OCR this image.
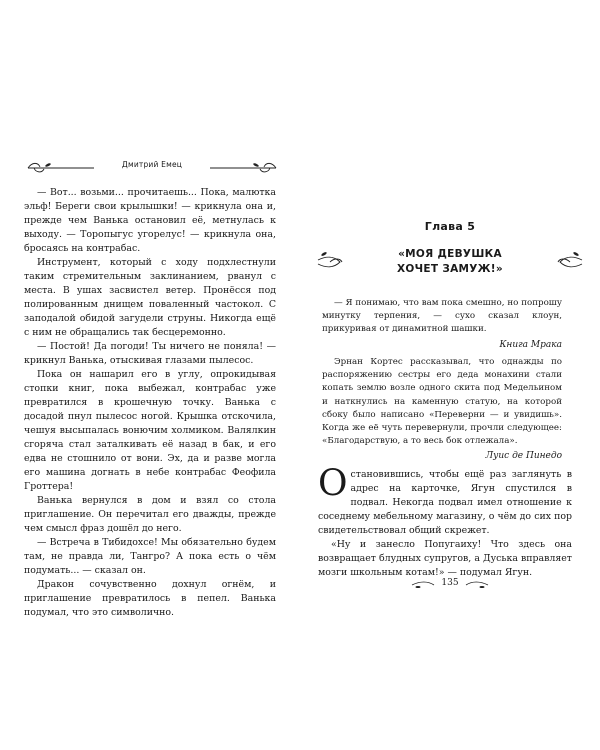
Дмитрий Емец

— Вот... возьми... прочитаешь... Пока, малютка эльф! Береги свои крылышки! — крикнула она и, прежде чем Ванька остановил её, метнулась к выходу. — Торопыгус угорелус! — крикнула она, бросаясь на контрабас.

Инструмент, который с ходу подхлестнули таким стремительным заклинанием, рванул с места. В ушах засвистел ветер. Пронёсся под полированным днищем поваленный частокол. С заподалой обидой загудели струны. Никогда ещё с ним не обращались так бесцеремонно.

— Постой! Да погоди! Ты ничего не поняла! — крикнул Ванька, отыскивая глазами пылесос.

Пока он нашарил его в углу, опрокидывая стопки книг, пока выбежал, контрабас уже превратился в крошечную точку. Ванька с досадой пнул пылесос ногой. Крышка отскочила, чешуя высыпалась вонючим холмиком. Валялкин сгоряча стал заталкивать её назад в бак, и его едва не стошнило от вони. Эх, да и разве могла его машина догнать в небе контрабас Феофила Гроттера!

Ванька вернулся в дом и взял со стола приглашение. Он перечитал его дважды, прежде чем смысл фраз дошёл до него.

— Встреча в Тибидохсе! Мы обязательно будем там, не правда ли, Тангро? А пока есть о чём подумать... — сказал он.

Дракон сочувственно дохнул огнём, и приглашение превратилось в пепел. Ванька подумал, что это символично.

Глава 5
«МОЯ ДЕВУШКА ХОЧЕТ ЗАМУЖ!»

— Я понимаю, что вам пока смешно, но попрошу минутку терпения, — сухо сказал клоун, прикуривая от динамитной шашки.

Книга Мрака

Эрнан Кортес рассказывал, что однажды по распоряжению сестры его деда монахини стали копать землю возле одного скита под Медельином и наткнулись на каменную статую, на которой сбоку было написано «Переверни — и увидишь». Когда же её чуть перевернули, прочли следующее: «Благодарствую, а то весь бок отлежала».

Луис де Пинедо

Остановившись, чтобы ещё раз заглянуть в адрес на карточке, Ягун спустился в подвал. Некогда подвал имел отношение к соседнему мебельному магазину, о чём до сих пор свидетельствовал общий скрежет.

«Ну и занесло Попугаиху! Что здесь она возвращает блудных супругов, а Дуська вправляет мозги школьным котам!» — подумал Ягун.

135
